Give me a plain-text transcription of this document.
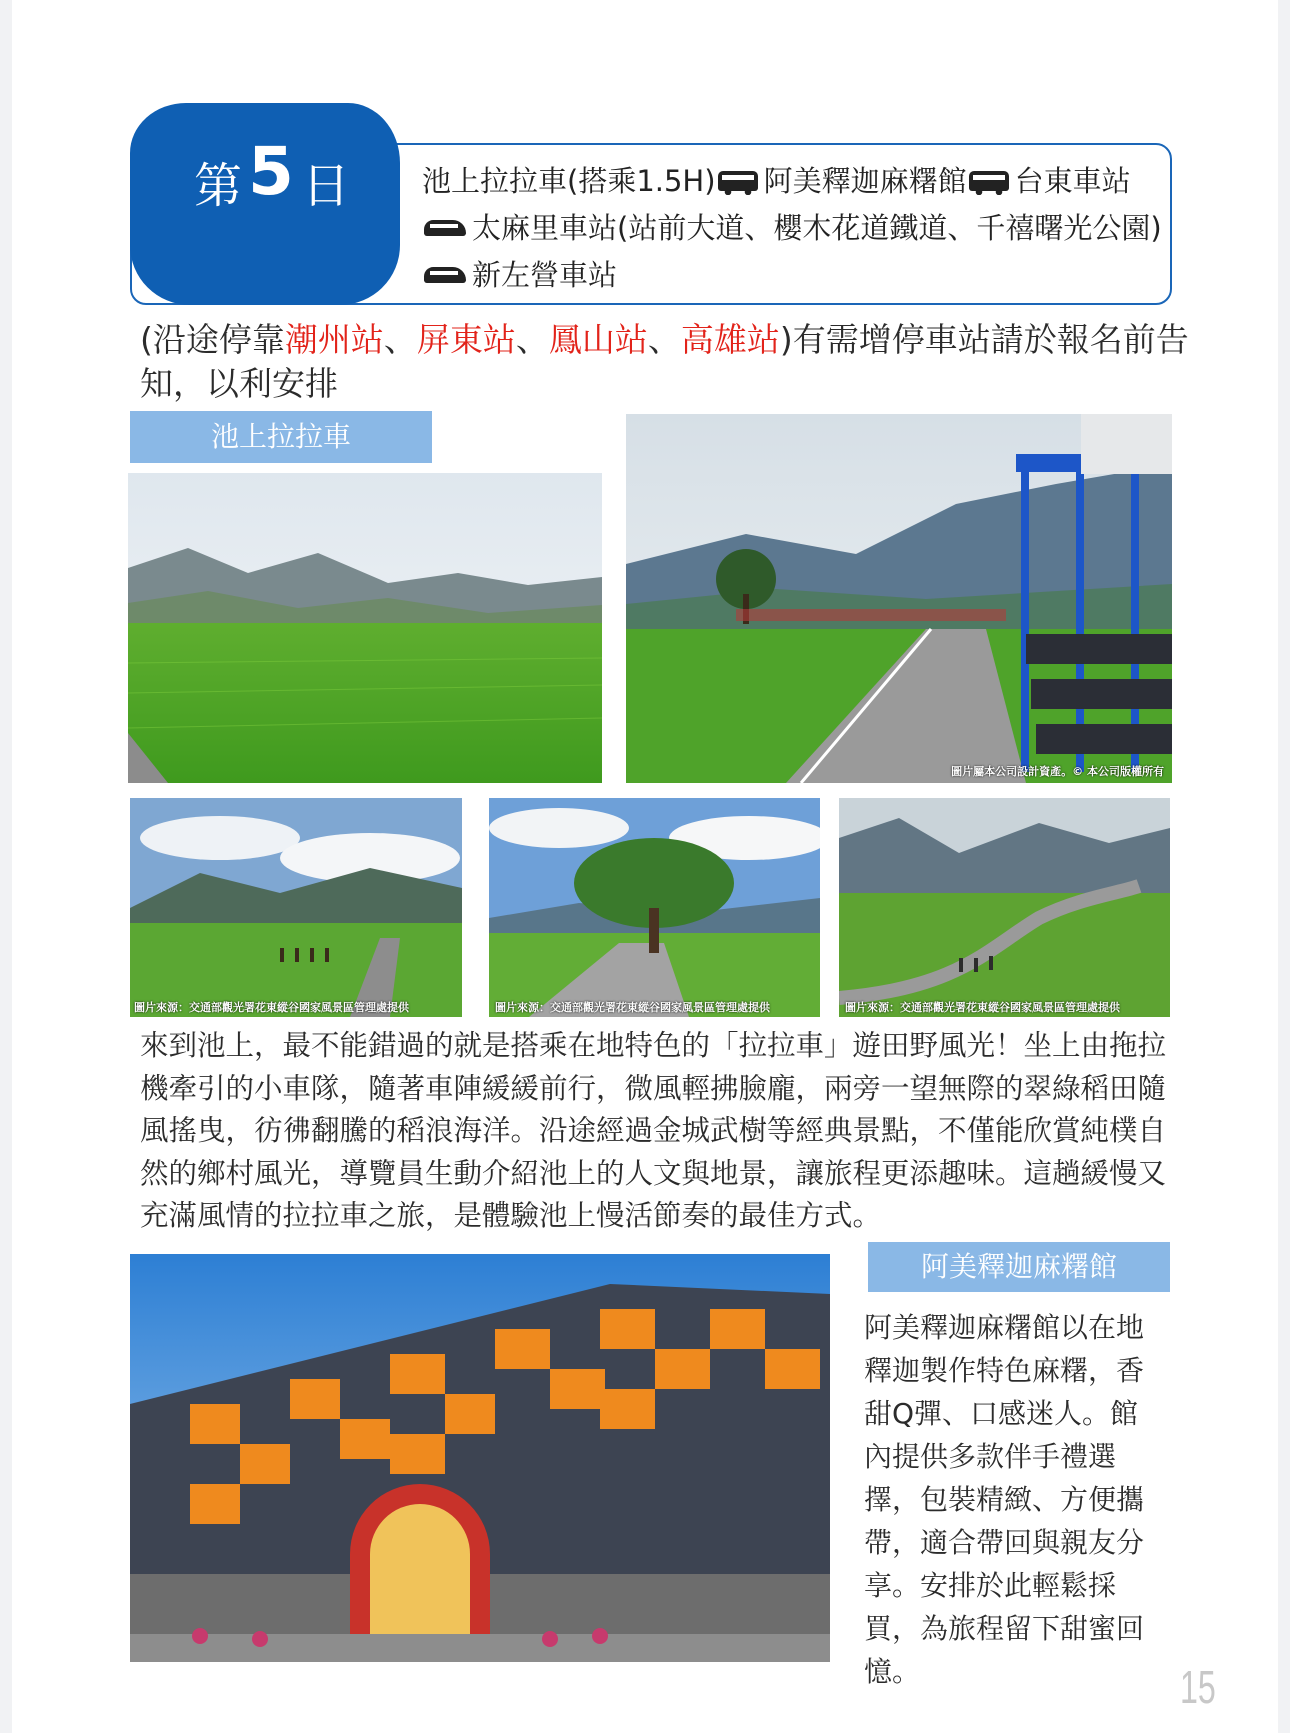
第 5 日 池上拉拉車(搭乘1.5H) 阿美釋迦麻糬館 台東車站太麻里車站(站前大道、櫻木花道鐵道、千禧曙光公園)新左營車站
(沿途停靠潮州站、屏東站、鳳山站、高雄站)有需增停車站請於報名前告知，以利安排
池上拉拉車
圖片屬本公司設計資產。© 本公司版權所有
圖片來源：交通部觀光署花東縱谷國家風景區管理處提供	圖片來源：交通部觀光署花東縱谷國家風景區管理處提供	圖片來源：交通部觀光署花東縱谷國家風景區管理處提供
來到池上，最不能錯過的就是搭乘在地特色的「拉拉車」遊田野風光！坐上由拖拉機牽引的小車隊，隨著車陣緩緩前行，微風輕拂臉龐，兩旁一望無際的翠綠稻田隨風搖曳，彷彿翻騰的稻浪海洋。沿途經過金城武樹等經典景點，不僅能欣賞純樸自然的鄉村風光，導覽員生動介紹池上的人文與地景，讓旅程更添趣味。這趟緩慢又充滿風情的拉拉車之旅，是體驗池上慢活節奏的最佳方式。
阿美釋迦麻糬館
阿美釋迦麻糬館以在地釋迦製作特色麻糬，香甜Q彈、口感迷人。館內提供多款伴手禮選擇，包裝精緻、方便攜帶，適合帶回與親友分享。安排於此輕鬆採買，為旅程留下甜蜜回憶。	15
